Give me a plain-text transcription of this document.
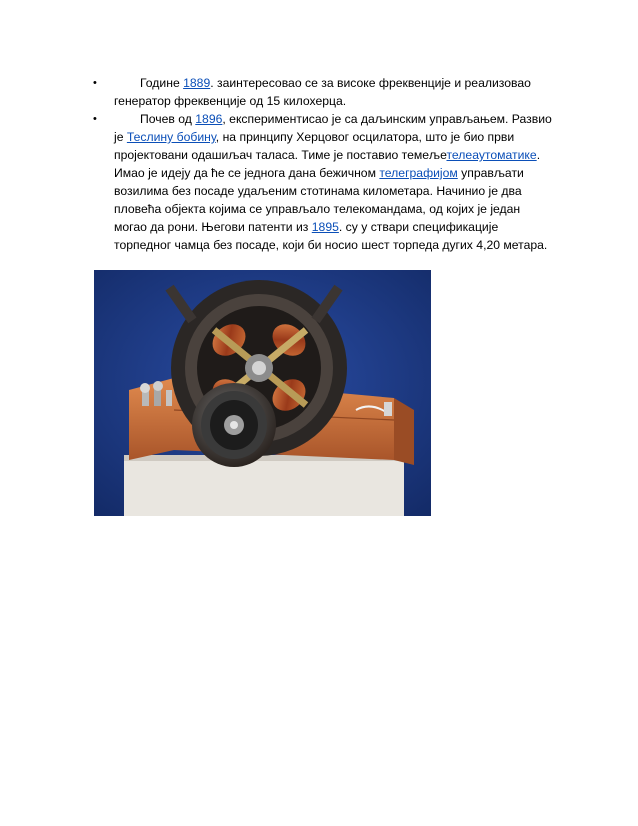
•	Године 1889. заинтересовао се за високе фреквенције и реализовао генератор фреквенције од 15 килохерца.
•	Почев од 1896, експериментисао је са даљинским управљањем. Развио је Теслину бобину, на принципу Херцовог осцилатора, што је био први пројектовани одашиљач таласа. Тиме је поставио темељетелеаутоматике. Имао је идеју да ће се једнога дана бежичном телеграфијом управљати возилима без посаде удаљеним стотинама километара. Начинио је два пловећа објекта којима се управљало телекомандама, од којих је један могао да рони. Његови патенти из 1895. су у ствари спецификације торпедног чамца без посаде, који би носио шест торпеда дугих 4,20 метара.
